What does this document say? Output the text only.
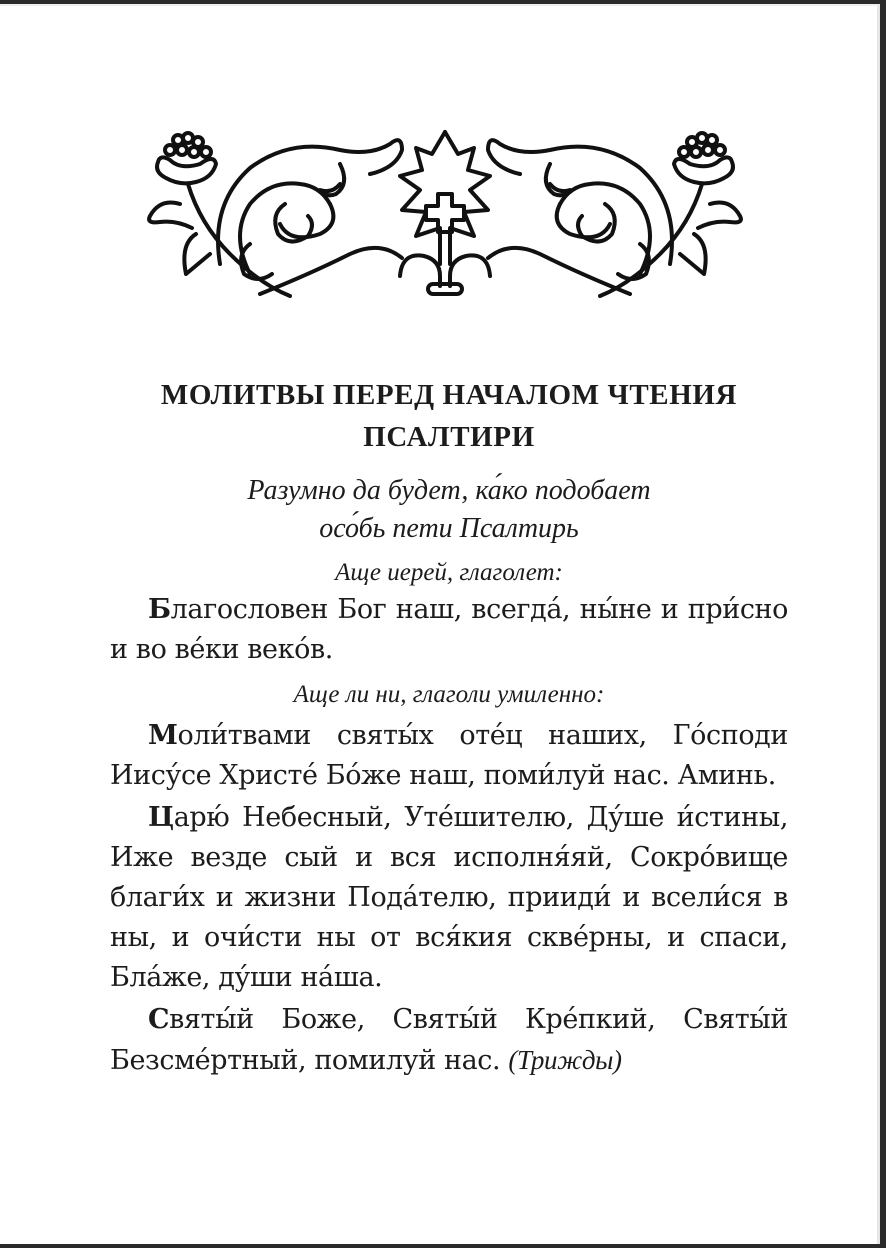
МОЛИТВЫ ПЕРЕД НАЧАЛОМ ЧТЕНИЯ
ПСАЛТИРИ

Разумно да будет, ка́ко подобает
осо́бь пети Псалтирь

Аще иерей, глаголет:

Благословен Бог наш, всегда́, ны́не и при́сно и во ве́ки веко́в.

Аще ли ни, глаголи умиленно:

Моли́твами святы́х оте́ц наших, Го́споди Иису́се Христе́ Бо́же наш, поми́луй нас. Аминь.

Царю́ Небесный, Уте́шителю, Ду́ше и́стины, Иже везде сый и вся исполня́яй, Сокро́вище благи́х и жизни Пода́телю, прииди́ и всели́ся в ны, и очи́сти ны от вся́кия скве́рны, и спаси, Бла́же, ду́ши на́ша.

Святы́й Боже, Святы́й Кре́пкий, Святы́й Безсме́ртный, помилуй нас. (Трижды)
